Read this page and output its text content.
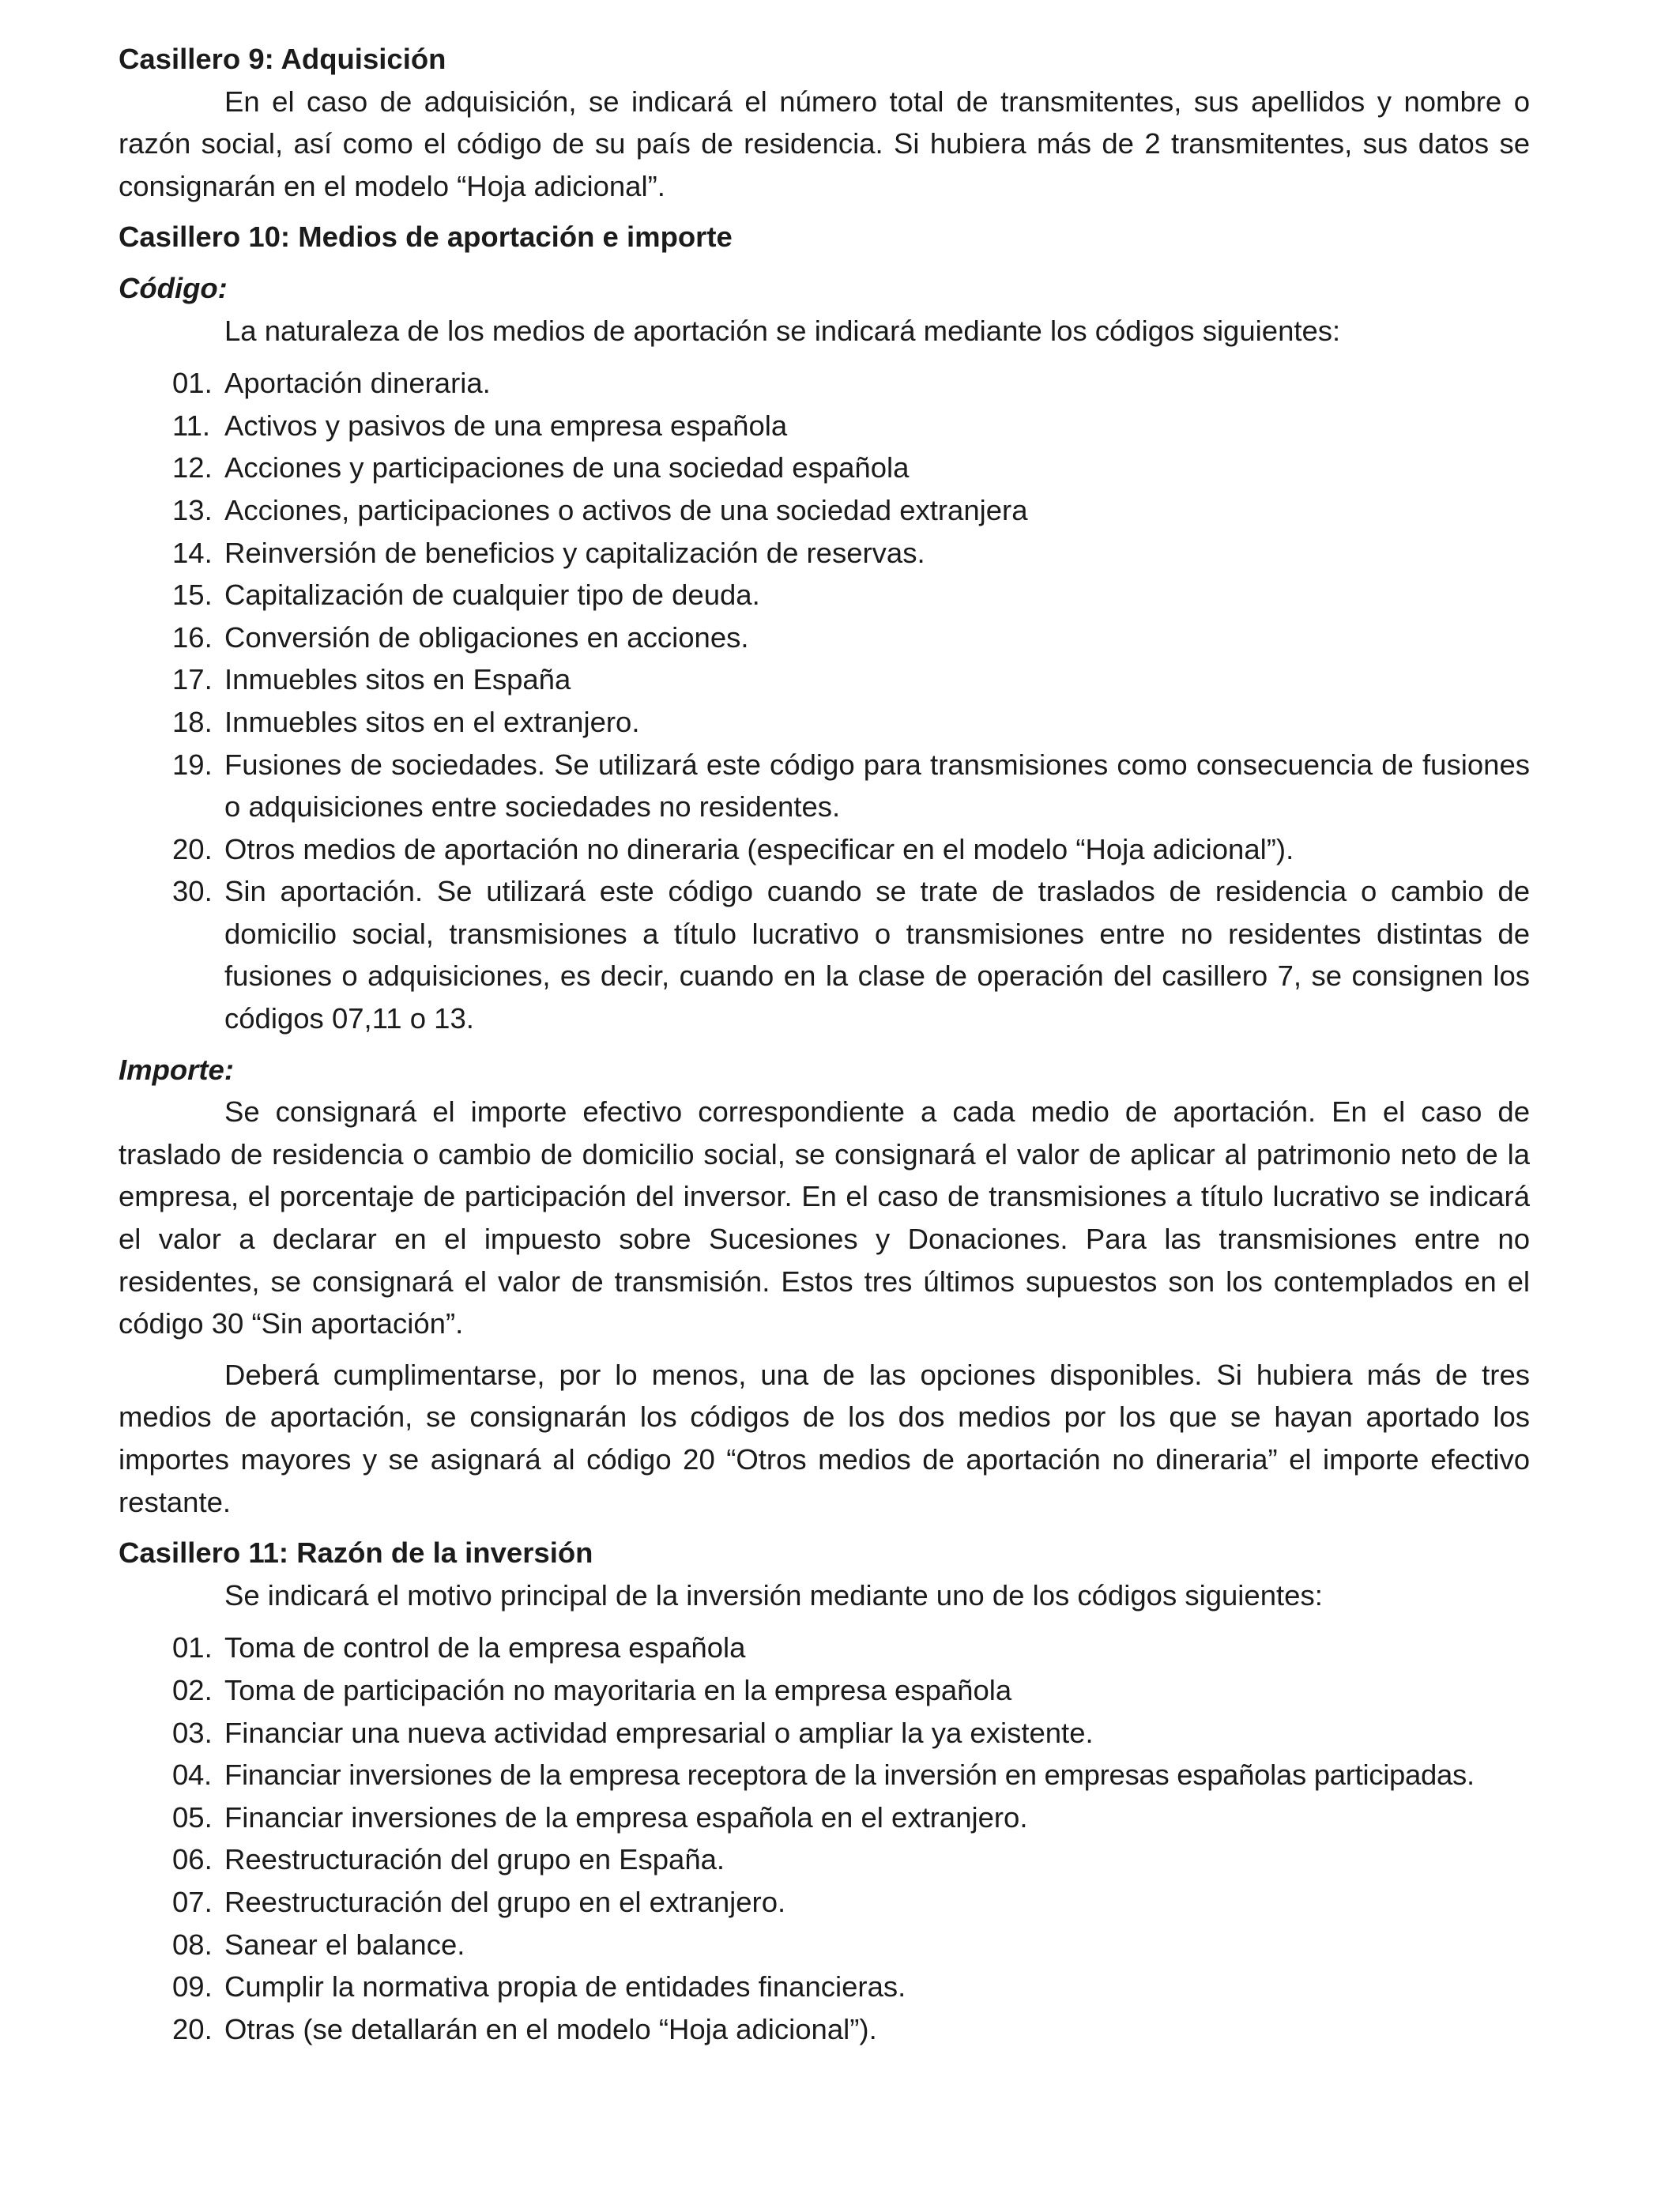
Casillero 9: Adquisición

En el caso de adquisición, se indicará el número total de transmitentes, sus apellidos y nombre o razón social, así como el código de su país de residencia. Si hubiera más de 2 transmitentes, sus datos se consignarán en el modelo “Hoja adicional”.

Casillero 10: Medios de aportación e importe

Código:

La naturaleza de los medios de aportación se indicará mediante los códigos siguientes:

01. Aportación dineraria.
11. Activos y pasivos de una empresa española
12. Acciones y participaciones de una sociedad española
13. Acciones, participaciones o activos de una sociedad extranjera
14. Reinversión de beneficios y capitalización de reservas.
15. Capitalización de cualquier tipo de deuda.
16. Conversión de obligaciones en acciones.
17. Inmuebles sitos en España
18. Inmuebles sitos en el extranjero.
19. Fusiones de sociedades. Se utilizará este código para transmisiones como consecuencia de fusiones o adquisiciones entre sociedades no residentes.
20. Otros medios de aportación no dineraria (especificar en el modelo “Hoja adicional”).
30. Sin aportación. Se utilizará este código cuando se trate de traslados de residencia o cambio de domicilio social, transmisiones a título lucrativo o transmisiones entre no residentes distintas de fusiones o adquisiciones, es decir, cuando en la clase de operación del casillero 7, se consignen los códigos 07,11 o 13.

Importe:

Se consignará el importe efectivo correspondiente a cada medio de aportación. En el caso de traslado de residencia o cambio de domicilio social, se consignará el valor de aplicar al patrimonio neto de la empresa, el porcentaje de participación del inversor. En el caso de transmisiones a título lucrativo se indicará el valor a declarar en el impuesto sobre Sucesiones y Donaciones. Para las transmisiones entre no residentes, se consignará el valor de transmisión. Estos tres últimos supuestos son los contemplados en el código 30 “Sin aportación”.

Deberá cumplimentarse, por lo menos, una de las opciones disponibles. Si hubiera más de tres medios de aportación, se consignarán los códigos de los dos medios por los que se hayan aportado los importes mayores y se asignará al código 20 “Otros medios de aportación no dineraria” el importe efectivo restante.

Casillero 11: Razón de la inversión

Se indicará el motivo principal de la inversión mediante uno de los códigos siguientes:

01. Toma de control de la empresa española
02. Toma de participación no mayoritaria en la empresa española
03. Financiar una nueva actividad empresarial o ampliar la ya existente.
04. Financiar inversiones de la empresa receptora de la inversión en empresas españolas participadas.
05. Financiar inversiones de la empresa española en el extranjero.
06. Reestructuración del grupo en España.
07. Reestructuración del grupo en el extranjero.
08. Sanear el balance.
09. Cumplir la normativa propia de entidades financieras.
20. Otras (se detallarán en el modelo “Hoja adicional”).
